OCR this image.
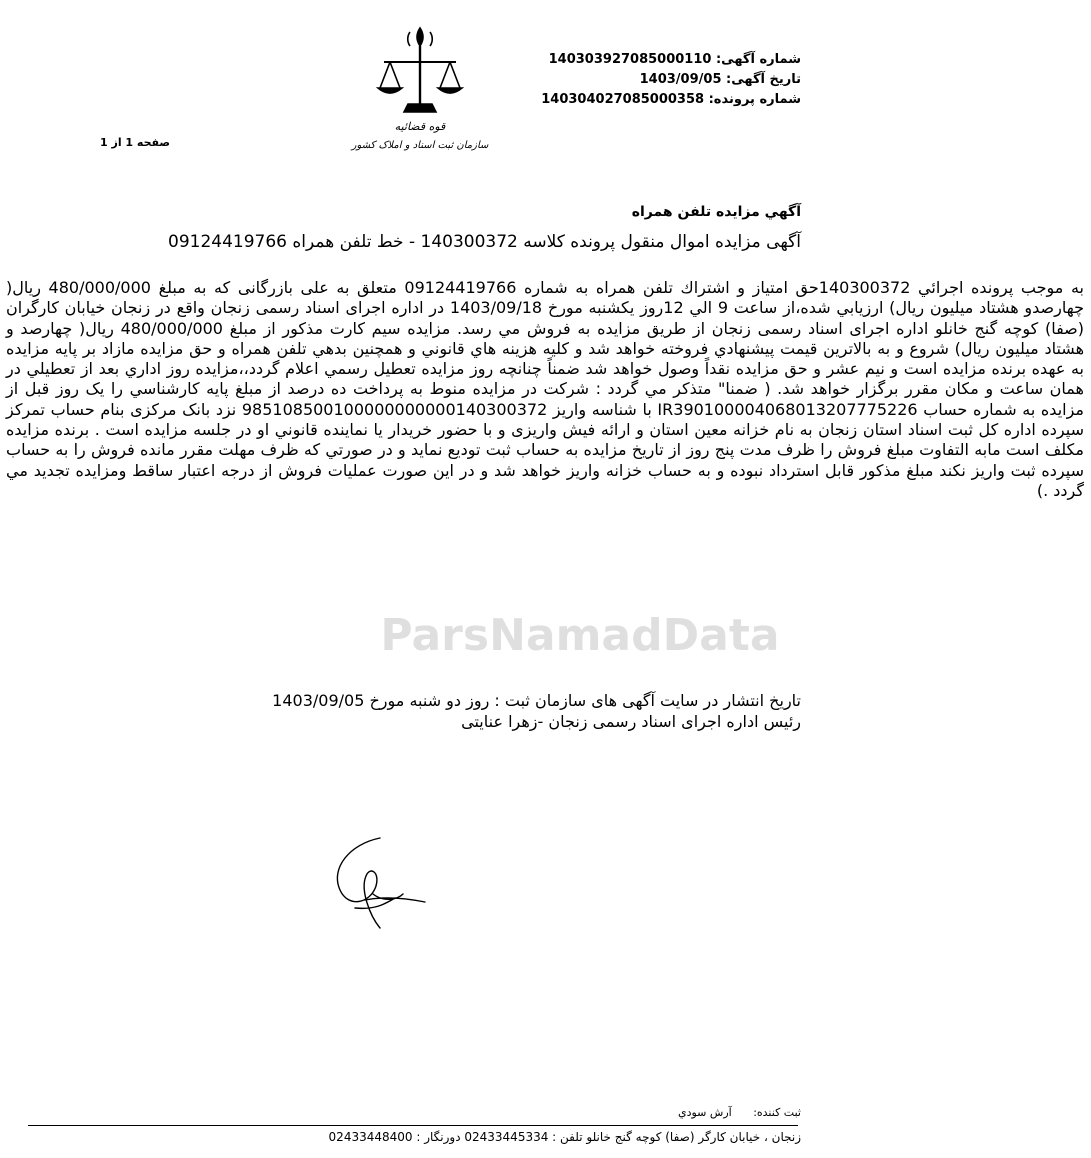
ParsNamadData
قوه قضائیه
سازمان ثبت اسناد و املاک کشور
شماره آگهی: 140303927085000110
تاریخ آگهی: 1403/09/05
شماره پرونده: 140304027085000358
صفحه 1 از 1
آگهي مزايده تلفن همراه
آگهی مزایده اموال منقول پرونده کلاسه 140300372 - خط تلفن همراه 09124419766
به موجب پرونده اجرائي 140300372حق امتياز و اشتراك تلفن همراه به شماره 09124419766 متعلق به علی بازرگانی که به مبلغ 480/000/000 ريال( چهارصدو هشتاد میلیون ریال) ارزيابي شده،از ساعت 9 الي 12روز يكشنبه مورخ 1403/09/18 در اداره اجرای اسناد رسمی زنجان واقع در زنجان خیابان کارگران (صفا) کوچه گنج خانلو اداره اجرای اسناد رسمی زنجان از طريق مزايده به فروش مي رسد. مزايده سيم كارت مذكور از مبلغ 480/000/000 ريال( چهارصد و هشتاد میلیون ریال) شروع و به بالاترين قيمت پيشنهادي فروخته خواهد شد و كليه هزينه هاي قانوني و همچنين بدهي تلفن همراه و حق مزايده مازاد بر پايه مزايده به عهده برنده مزايده است و نيم عشر و حق مزايده نقداً وصول خواهد شد ضمناً چنانچه روز مزايده تعطيل رسمي اعلام گردد،،مزايده روز اداري بعد از تعطيلي در همان ساعت و مكان مقرر برگزار خواهد شد. ( ضمنا" متذكر مي گردد : شرکت در مزایده منوط به پرداخت ده درصد از مبلغ پایه کارشناسي را یک روز قبل از مزایده به شماره حساب IR390100004068013207775226 با شناسه واريز 985108500100000000000140300372 نزد بانک مرکزی بنام حساب تمرکز سپرده اداره کل ثبت اسناد استان زنجان به نام خزانه معین استان و ارائه فیش واریزی و با حضور خریدار یا نماینده قانوني او در جلسه مزایده است . برنده مزایده مکلف است مابه التفاوت مبلغ فروش را ظرف مدت پنج روز از تاریخ مزایده به حساب ثبت تودیع نماید و در صورتي که ظرف مهلت مقرر مانده فروش را به حساب سپرده ثبت واریز نکند مبلغ مذکور قابل استرداد نبوده و به حساب خزانه واریز خواهد شد و در این صورت عملیات فروش از درجه اعتبار ساقط ومزايده تجديد مي گردد .)
تاريخ انتشار در سایت آگهی های سازمان ثبت : روز دو شنبه مورخ 1403/09/05
رئیس اداره اجرای اسناد رسمی زنجان -زهرا عنایتی
ثبت کننده: آرش سودي
زنجان ، خیابان كارگر (صفا) كوچه گنج خانلو تلفن : 02433445334 دورنگار : 02433448400
